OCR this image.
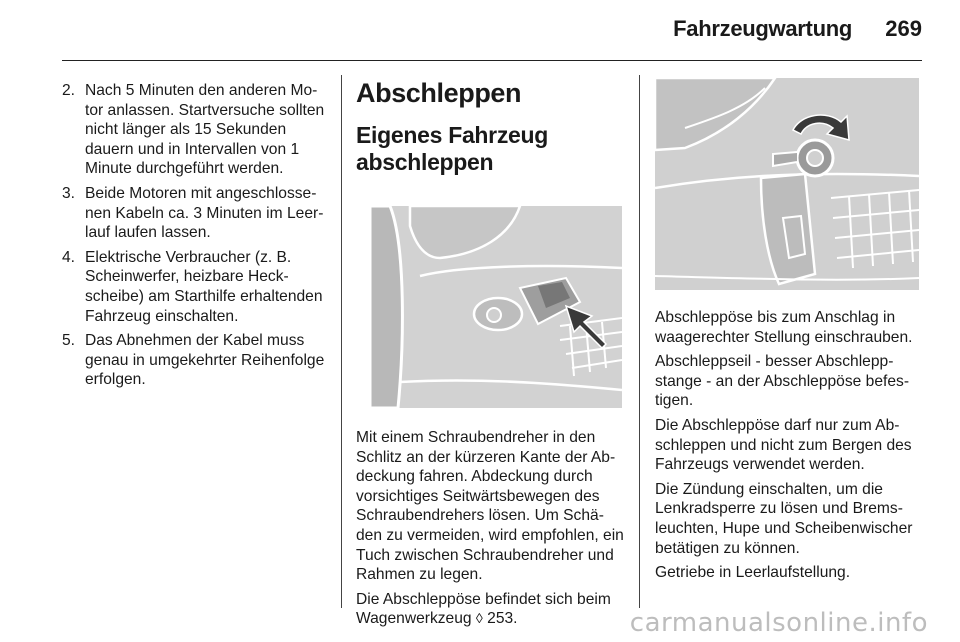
Fahrzeugwartung 269
2. Nach 5 Minuten den anderen Motor anlassen. Startversuche sollten nicht länger als 15 Sekunden dauern und in Intervallen von 1 Minute durchgeführt werden.
3. Beide Motoren mit angeschlossenen Kabeln ca. 3 Minuten im Leerlauf laufen lassen.
4. Elektrische Verbraucher (z. B. Scheinwerfer, heizbare Heckscheibe) am Starthilfe erhaltenden Fahrzeug einschalten.
5. Das Abnehmen der Kabel muss genau in umgekehrter Reihenfolge erfolgen.
Abschleppen
Eigenes Fahrzeug abschleppen
Mit einem Schraubendreher in den Schlitz an der kürzeren Kante der Abdeckung fahren. Abdeckung durch vorsichtiges Seitwärtsbewegen des Schraubendrehers lösen. Um Schäden zu vermeiden, wird empfohlen, ein Tuch zwischen Schraubendreher und Rahmen zu legen.
Die Abschleppöse befindet sich beim Wagenwerkzeug ◊ 253.
Abschleppöse bis zum Anschlag in waagerechter Stellung einschrauben.
Abschleppseil - besser Abschleppstange - an der Abschleppöse befestigen.
Die Abschleppöse darf nur zum Abschleppen und nicht zum Bergen des Fahrzeugs verwendet werden.
Die Zündung einschalten, um die Lenkradsperre zu lösen und Bremsleuchten, Hupe und Scheibenwischer betätigen zu können.
Getriebe in Leerlaufstellung.
carmanualsonline.info
